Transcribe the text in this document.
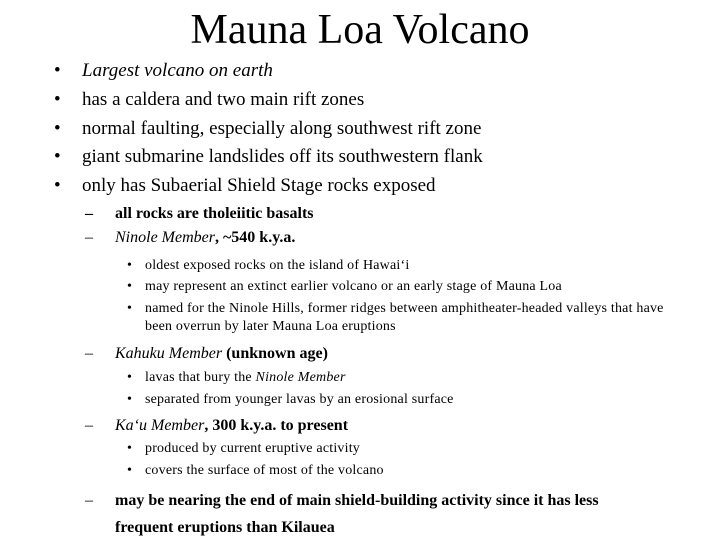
Mauna Loa Volcano
• Largest volcano on earth
• has a caldera and two main rift zones
• normal faulting, especially along southwest rift zone
• giant submarine landslides off its southwestern flank
• only has Subaerial Shield Stage rocks exposed
– all rocks are tholeiitic basalts
– Ninole Member, ~540 k.y.a.
• oldest exposed rocks on the island of Hawai‘i
• may represent an extinct earlier volcano or an early stage of Mauna Loa
• named for the Ninole Hills, former ridges between amphitheater-headed valleys that have been overrun by later Mauna Loa eruptions
– Kahuku Member (unknown age)
• lavas that bury the Ninole Member
• separated from younger lavas by an erosional surface
– Ka‘u Member, 300 k.y.a. to present
• produced by current eruptive activity
• covers the surface of most of the volcano
– may be nearing the end of main shield-building activity since it has less
frequent eruptions than Kilauea
